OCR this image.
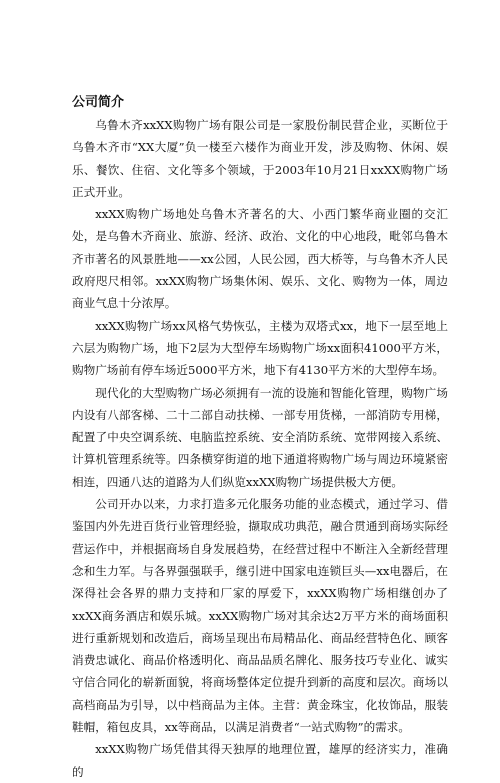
公司简介

乌鲁木齐xxXX购物广场有限公司是一家股份制民营企业，买断位于乌鲁木齐市“XX大厦”负一楼至六楼作为商业开发，涉及购物、休闲、娱乐、餐饮、住宿、文化等多个领域，于2003年10月21日xxXX购物广场正式开业。

xxXX购物广场地处乌鲁木齐著名的大、小西门繁华商业圈的交汇处，是乌鲁木齐商业、旅游、经济、政治、文化的中心地段，毗邻乌鲁木齐市著名的风景胜地——xx公园，人民公园，西大桥等，与乌鲁木齐人民政府咫尺相邻。xxXX购物广场集休闲、娱乐、文化、购物为一体，周边商业气息十分浓厚。

xxXX购物广场xx风格气势恢弘，主楼为双塔式xx，地下一层至地上六层为购物广场，地下2层为大型停车场购物广场xx面积41000平方米，购物广场前有停车场近5000平方米，地下有4130平方米的大型停车场。

现代化的大型购物广场必须拥有一流的设施和智能化管理，购物广场内设有八部客梯、二十二部自动扶梯、一部专用货梯，一部消防专用梯，配置了中央空调系统、电脑监控系统、安全消防系统、宽带网接入系统、计算机管理系统等。四条横穿街道的地下通道将购物广场与周边环境紧密相连，四通八达的道路为人们纵览xxXX购物广场提供极大方便。

公司开办以来，力求打造多元化服务功能的业态模式，通过学习、借鉴国内外先进百货行业管理经验，撷取成功典范，融合贯通到商场实际经营运作中，并根据商场自身发展趋势，在经营过程中不断注入全新经营理念和生力军。与各界强强联手，继引进中国家电连锁巨头—xx电器后，在深得社会各界的鼎力支持和厂家的厚爱下，xxXX购物广场相继创办了xxXX商务酒店和娱乐城。xxXX购物广场对其余达2万平方米的商场面积进行重新规划和改造后，商场呈现出布局精品化、商品经营特色化、顾客消费忠诚化、商品价格透明化、商品品质名牌化、服务技巧专业化、诚实守信合同化的崭新面貌，将商场整体定位提升到新的高度和层次。商场以高档商品为引导，以中档商品为主体。主营：黄金珠宝，化妆饰品，服装鞋帽，箱包皮具，xx等商品，以满足消费者“一站式购物”的需求。

xxXX购物广场凭借其得天独厚的地理位置，雄厚的经济实力，准确的
